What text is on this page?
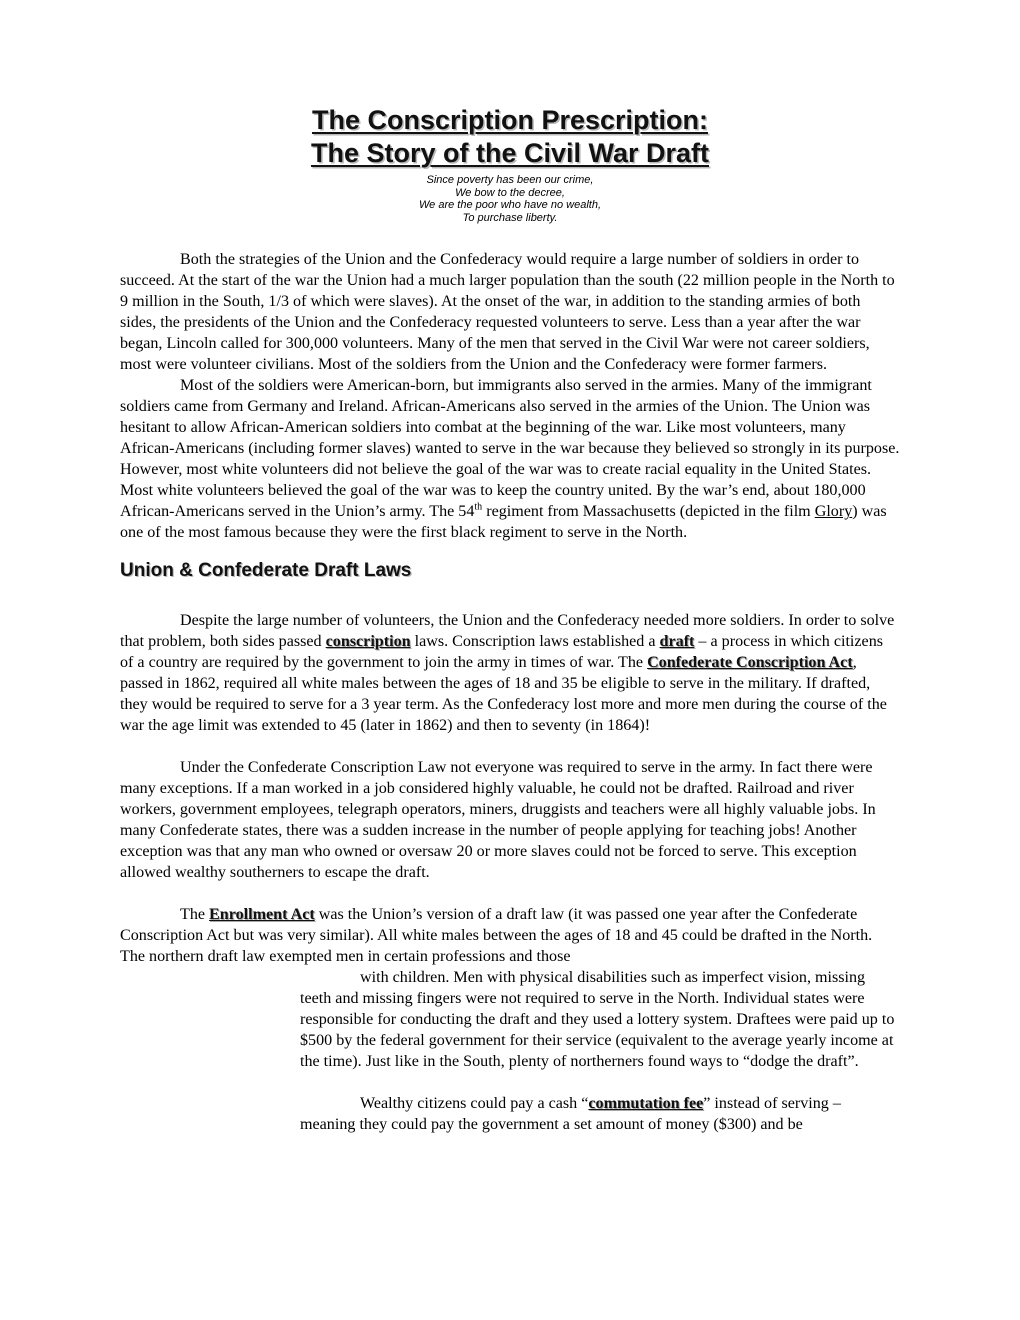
The Conscription Prescription:
The Story of the Civil War Draft
Since poverty has been our crime,
We bow to the decree,
We are the poor who have no wealth,
To purchase liberty.

Both the strategies of the Union and the Confederacy would require a large number of soldiers in order to succeed. At the start of the war the Union had a much larger population than the south (22 million people in the North to 9 million in the South, 1/3 of which were slaves). At the onset of the war, in addition to the standing armies of both sides, the presidents of the Union and the Confederacy requested volunteers to serve. Less than a year after the war began, Lincoln called for 300,000 volunteers. Many of the men that served in the Civil War were not career soldiers, most were volunteer civilians. Most of the soldiers from the Union and the Confederacy were former farmers.

Most of the soldiers were American-born, but immigrants also served in the armies. Many of the immigrant soldiers came from Germany and Ireland. African-Americans also served in the armies of the Union. The Union was hesitant to allow African-American soldiers into combat at the beginning of the war. Like most volunteers, many African-Americans (including former slaves) wanted to serve in the war because they believed so strongly in its purpose. However, most white volunteers did not believe the goal of the war was to create racial equality in the United States. Most white volunteers believed the goal of the war was to keep the country united. By the war’s end, about 180,000 African-Americans served in the Union’s army. The 54th regiment from Massachusetts (depicted in the film Glory) was one of the most famous because they were the first black regiment to serve in the North.

Union & Confederate Draft Laws

Despite the large number of volunteers, the Union and the Confederacy needed more soldiers. In order to solve that problem, both sides passed conscription laws. Conscription laws established a draft – a process in which citizens of a country are required by the government to join the army in times of war. The Confederate Conscription Act, passed in 1862, required all white males between the ages of 18 and 35 be eligible to serve in the military. If drafted, they would be required to serve for a 3 year term. As the Confederacy lost more and more men during the course of the war the age limit was extended to 45 (later in 1862) and then to seventy (in 1864)!

Under the Confederate Conscription Law not everyone was required to serve in the army. In fact there were many exceptions. If a man worked in a job considered highly valuable, he could not be drafted. Railroad and river workers, government employees, telegraph operators, miners, druggists and teachers were all highly valuable jobs. In many Confederate states, there was a sudden increase in the number of people applying for teaching jobs! Another exception was that any man who owned or oversaw 20 or more slaves could not be forced to serve. This exception allowed wealthy southerners to escape the draft.

The Enrollment Act was the Union’s version of a draft law (it was passed one year after the Confederate Conscription Act but was very similar). All white males between the ages of 18 and 45 could be drafted in the North. The northern draft law exempted men in certain professions and those

with children. Men with physical disabilities such as imperfect vision, missing teeth and missing fingers were not required to serve in the North. Individual states were responsible for conducting the draft and they used a lottery system. Draftees were paid up to $500 by the federal government for their service (equivalent to the average yearly income at the time). Just like in the South, plenty of northerners found ways to “dodge the draft”.

Wealthy citizens could pay a cash “commutation fee” instead of serving – meaning they could pay the government a set amount of money ($300) and be
